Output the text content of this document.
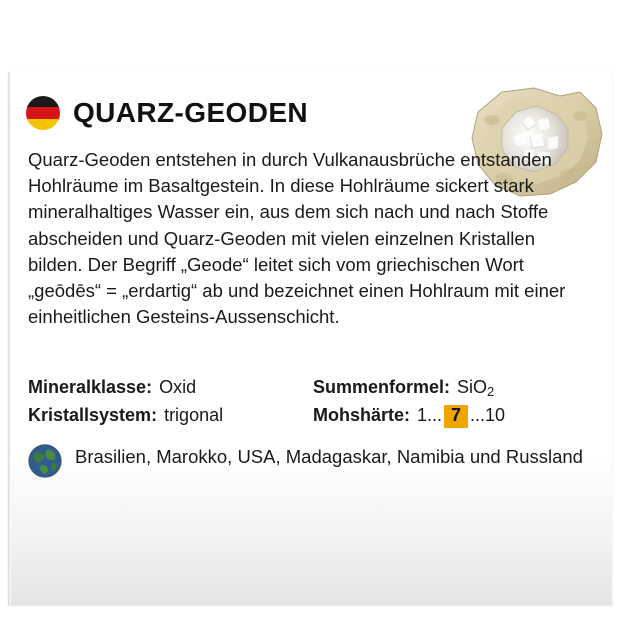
QUARZ-GEODEN
Quarz-Geoden entstehen in durch Vulkanausbrüche entstanden Hohlräume im Basaltgestein. In diese Hohlräume sickert stark mineralhaltiges Wasser ein, aus dem sich nach und nach Stoffe abscheiden und Quarz-Geoden mit vielen einzelnen Kristallen bilden. Der Begriff „Geode“ leitet sich vom griechischen Wort „geōdēs“ = „erdartig“ ab und bezeichnet einen Hohlraum mit einer einheitlichen Gesteins-Aussenschicht.
Mineralklasse: Oxid	Summenformel: SiO 2
Kristallsystem: trigonal	Mohshärte: 1... 7 ...10
Brasilien, Marokko, USA, Madagaskar, Namibia und Russland
